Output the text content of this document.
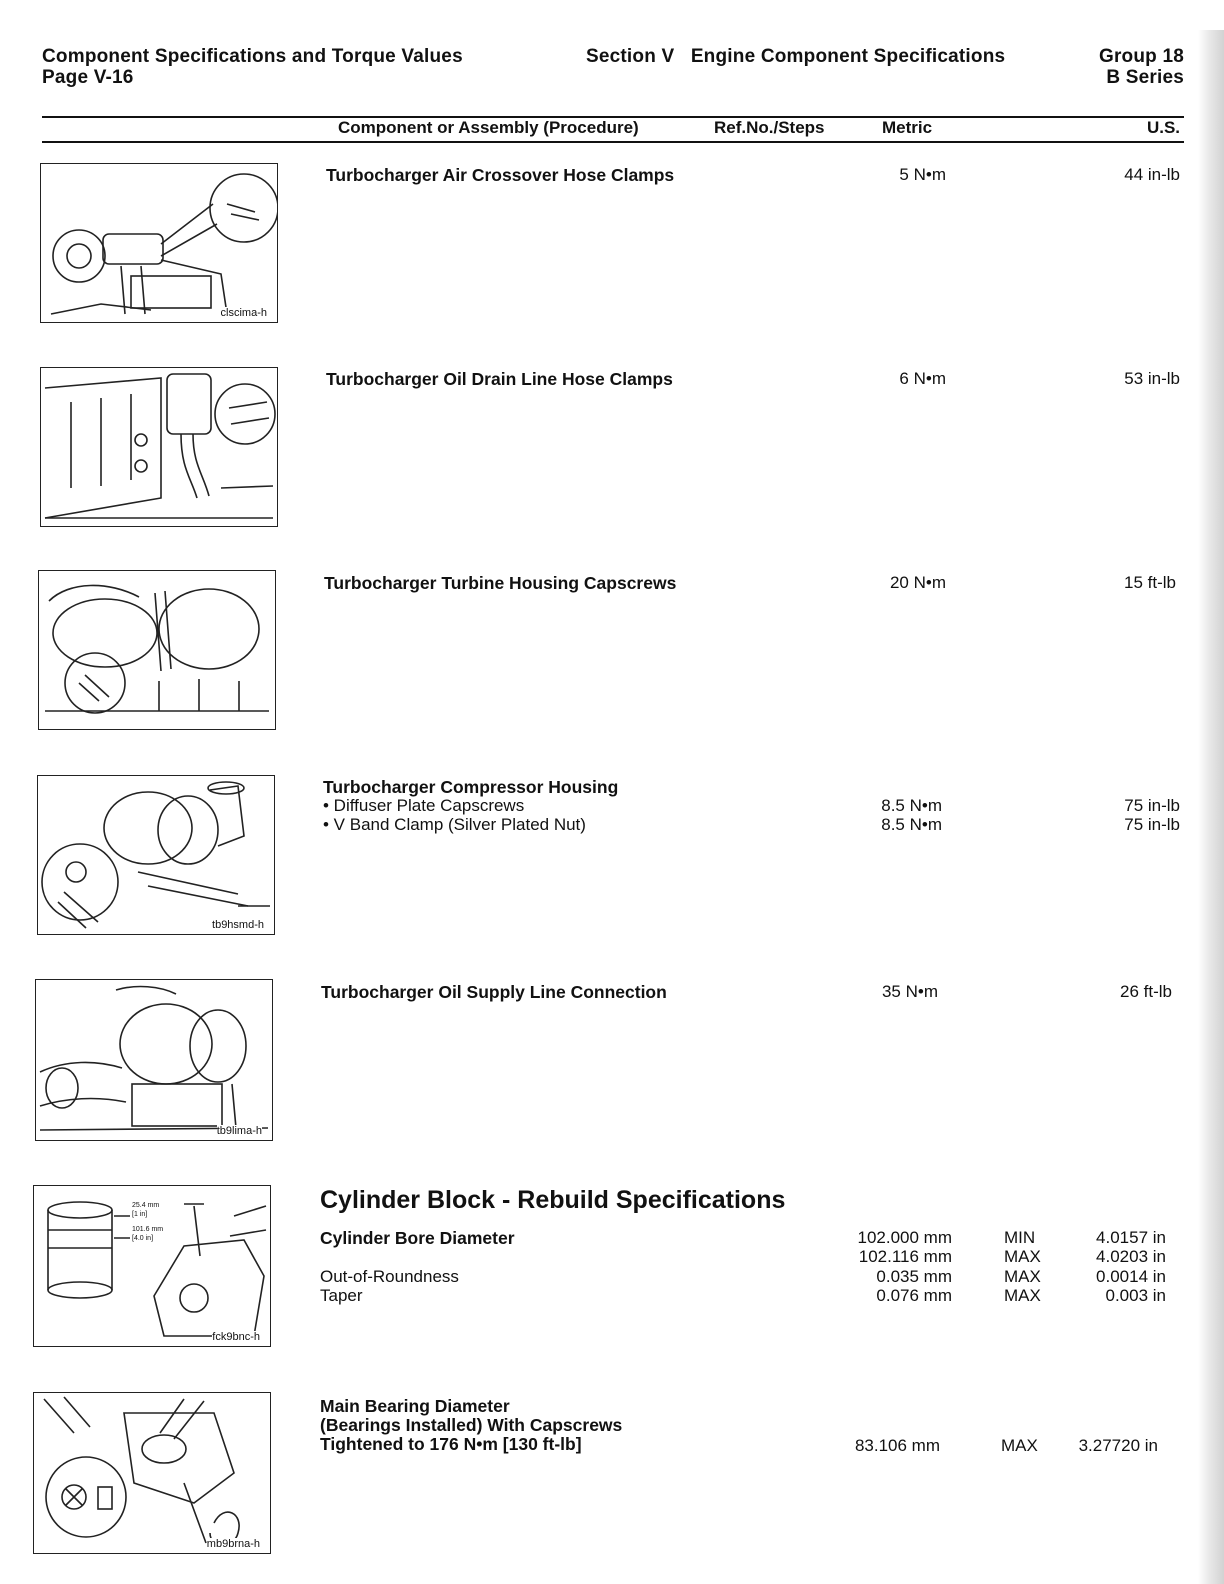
Component Specifications and Torque Values
Page V-16
Section V   Engine Component Specifications	Group 18
B Series
Component or Assembly (Procedure)	Ref.No./Steps	Metric	U.S.
clscima-h
Turbocharger Air Crossover Hose Clamps	5 N•m	44 in-lb
Turbocharger Oil Drain Line Hose Clamps	6 N•m	53 in-lb
Turbocharger Turbine Housing Capscrews	20 N•m	15 ft-lb
tb9hsmd-h
Turbocharger Compressor Housing
• Diffuser Plate Capscrews	8.5 N•m	75 in-lb
• V Band Clamp (Silver Plated Nut)	8.5 N•m	75 in-lb
tb9lima-h
Turbocharger Oil Supply Line Connection	35 N•m	26 ft-lb
25.4 mm
[1 in]
101.6 mm
[4.0 in]
fck9bnc-h
Cylinder Block - Rebuild Specifications
Cylinder Bore Diameter	102.000 mm	MIN	4.0157 in
102.116 mm	MAX	4.0203 in
Out-of-Roundness	0.035 mm	MAX	0.0014 in
Taper	0.076 mm	MAX	0.003 in
mb9brna-h
Main Bearing Diameter
(Bearings Installed) With Capscrews
Tightened to 176 N•m [130 ft-lb]	83.106 mm	MAX 3.27720 in
